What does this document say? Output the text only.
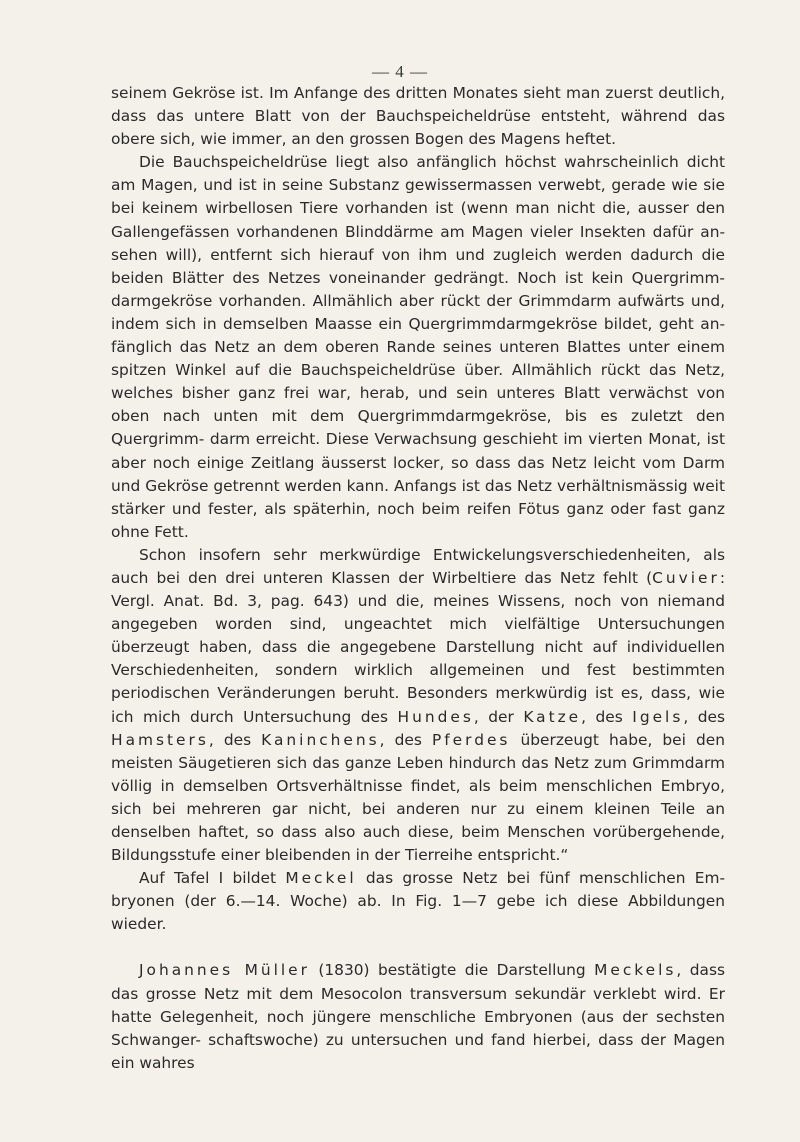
— 4 —

seinem Gekröse ist. Im Anfange des dritten Monates sieht man zuerst deutlich, dass das untere Blatt von der Bauchspeicheldrüse entsteht, während das obere sich, wie immer, an den grossen Bogen des Magens heftet.

Die Bauchspeicheldrüse liegt also anfänglich höchst wahrscheinlich dicht am Magen, und ist in seine Substanz gewissermassen verwebt, gerade wie sie bei keinem wirbellosen Tiere vorhanden ist (wenn man nicht die, ausser den Gallengefässen vorhandenen Blinddärme am Magen vieler Insekten dafür an- sehen will), entfernt sich hierauf von ihm und zugleich werden dadurch die beiden Blätter des Netzes voneinander gedrängt. Noch ist kein Quergrimm- darmgekröse vorhanden. Allmählich aber rückt der Grimmdarm aufwärts und, indem sich in demselben Maasse ein Quergrimmdarmgekröse bildet, geht an- fänglich das Netz an dem oberen Rande seines unteren Blattes unter einem spitzen Winkel auf die Bauchspeicheldrüse über. Allmählich rückt das Netz, welches bisher ganz frei war, herab, und sein unteres Blatt verwächst von oben nach unten mit dem Quergrimmdarmgekröse, bis es zuletzt den Quergrimm- darm erreicht. Diese Verwachsung geschieht im vierten Monat, ist aber noch einige Zeitlang äusserst locker, so dass das Netz leicht vom Darm und Gekröse getrennt werden kann. Anfangs ist das Netz verhältnismässig weit stärker und fester, als späterhin, noch beim reifen Fötus ganz oder fast ganz ohne Fett.

Schon insofern sehr merkwürdige Entwickelungsverschiedenheiten, als auch bei den drei unteren Klassen der Wirbeltiere das Netz fehlt (Cuvier: Vergl. Anat. Bd. 3, pag. 643) und die, meines Wissens, noch von niemand angegeben worden sind, ungeachtet mich vielfältige Untersuchungen überzeugt haben, dass die angegebene Darstellung nicht auf individuellen Verschiedenheiten, sondern wirklich allgemeinen und fest bestimmten periodischen Veränderungen beruht. Besonders merkwürdig ist es, dass, wie ich mich durch Untersuchung des Hundes, der Katze, des Igels, des Hamsters, des Kaninchens, des Pferdes überzeugt habe, bei den meisten Säugetieren sich das ganze Leben hindurch das Netz zum Grimmdarm völlig in demselben Ortsverhältnisse findet, als beim menschlichen Embryo, sich bei mehreren gar nicht, bei anderen nur zu einem kleinen Teile an denselben haftet, so dass also auch diese, beim Menschen vorübergehende, Bildungsstufe einer bleibenden in der Tierreihe entspricht.“

Auf Tafel I bildet Meckel das grosse Netz bei fünf menschlichen Em- bryonen (der 6.—14. Woche) ab. In Fig. 1—7 gebe ich diese Abbildungen wieder.

Johannes Müller (1830) bestätigte die Darstellung Meckels, dass das grosse Netz mit dem Mesocolon transversum sekundär verklebt wird. Er hatte Gelegenheit, noch jüngere menschliche Embryonen (aus der sechsten Schwanger- schaftswoche) zu untersuchen und fand hierbei, dass der Magen ein wahres
